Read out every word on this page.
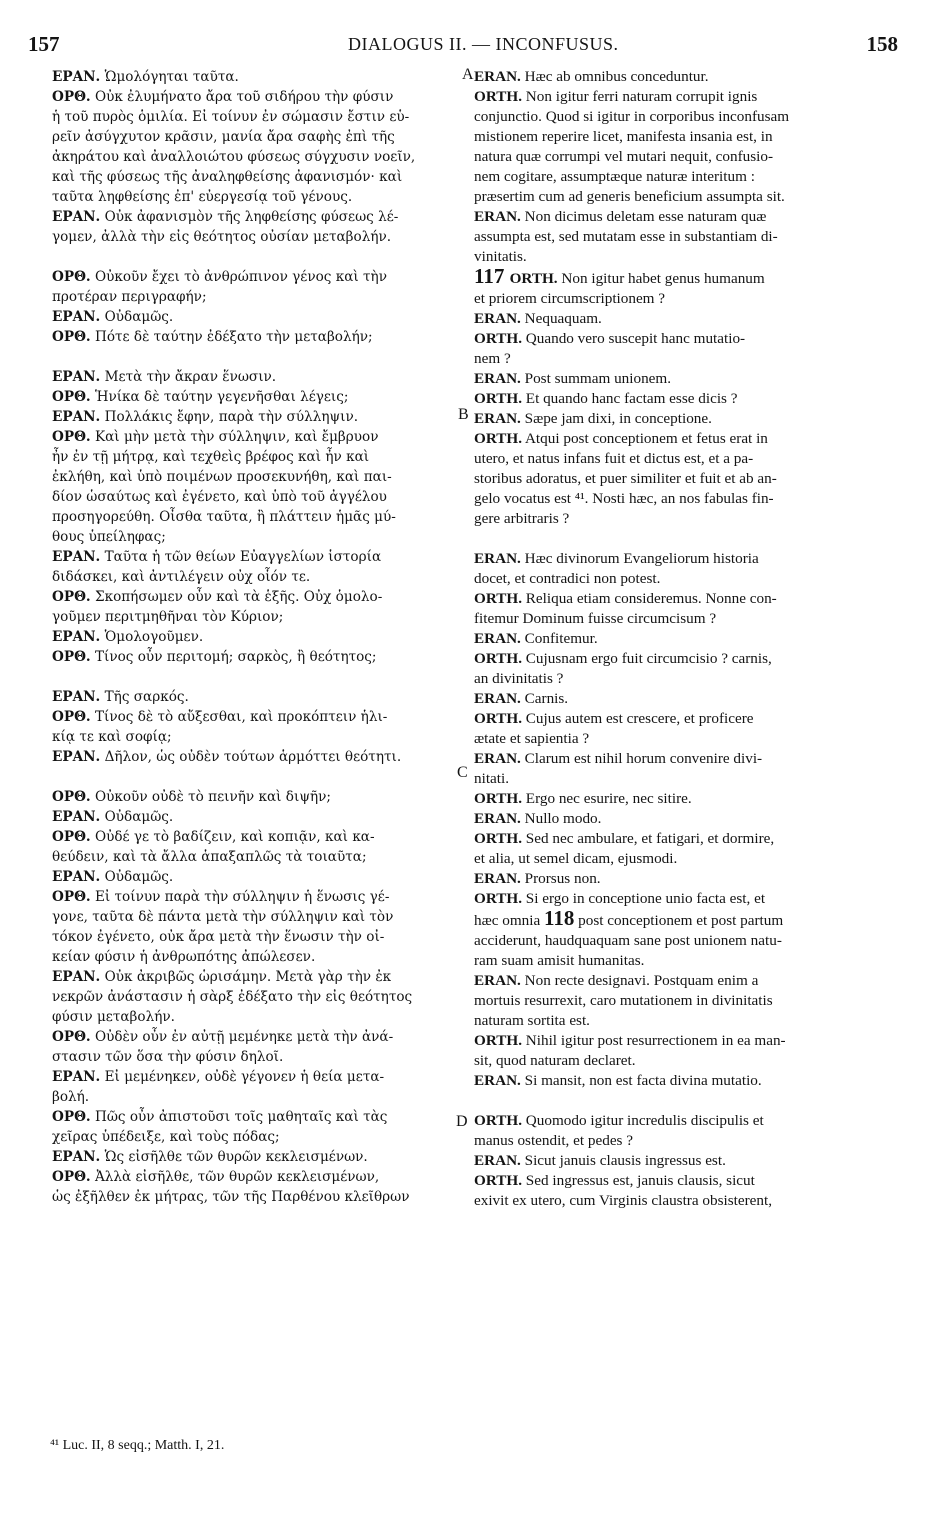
157	DIALOGUS II. — INCONFUSUS.	158
ΕΡΑΝ. Ὡμολόγηται ταῦτα.
ΟΡΘ. Οὐκ ἐλυμήνατο ἄρα τοῦ σιδήρου τὴν φύσιν
ἡ τοῦ πυρὸς ὁμιλία. Εἰ τοίνυν ἐν σώμασιν ἔστιν εὑ-
ρεῖν ἀσύγχυτον κρᾶσιν, μανία ἄρα σαφὴς ἐπὶ τῆς
ἀκηράτου καὶ ἀναλλοιώτου φύσεως σύγχυσιν νοεῖν,
καὶ τῆς φύσεως τῆς ἀναληφθείσης ἀφανισμόν· καὶ
ταῦτα ληφθείσης ἐπ' εὐεργεσίᾳ τοῦ γένους.
ΕΡΑΝ. Οὐκ ἀφανισμὸν τῆς ληφθείσης φύσεως λέ-
γομεν, ἀλλὰ τὴν εἰς θεότητος οὐσίαν μεταβολήν.
ΟΡΘ. Οὐκοῦν ἔχει τὸ ἀνθρώπινον γένος καὶ τὴν
προτέραν περιγραφήν;
ΕΡΑΝ. Οὐδαμῶς.
ΟΡΘ. Πότε δὲ ταύτην ἐδέξατο τὴν μεταβολήν;
ΕΡΑΝ. Μετὰ τὴν ἄκραν ἕνωσιν.
ΟΡΘ. Ἡνίκα δὲ ταύτην γεγενῆσθαι λέγεις;
ΕΡΑΝ. Πολλάκις ἔφην, παρὰ τὴν σύλληψιν.
ΟΡΘ. Καὶ μὴν μετὰ τὴν σύλληψιν, καὶ ἔμβρυον
ἦν ἐν τῇ μήτρᾳ, καὶ τεχθεὶς βρέφος καὶ ἦν καὶ
ἐκλήθη, καὶ ὑπὸ ποιμένων προσεκυνήθη, καὶ παι-
δίον ὡσαύτως καὶ ἐγένετο, καὶ ὑπὸ τοῦ ἀγγέλου
προσηγορεύθη. Οἶσθα ταῦτα, ἢ πλάττειν ἡμᾶς μύ-
θους ὑπείληφας;
ΕΡΑΝ. Ταῦτα ἡ τῶν θείων Εὐαγγελίων ἱστορία
διδάσκει, καὶ ἀντιλέγειν οὐχ οἷόν τε.
ΟΡΘ. Σκοπήσωμεν οὖν καὶ τὰ ἑξῆς. Οὐχ ὁμολο-
γοῦμεν περιτμηθῆναι τὸν Κύριον;
ΕΡΑΝ. Ὁμολογοῦμεν.
ΟΡΘ. Τίνος οὖν περιτομή; σαρκὸς, ἢ θεότητος;
ΕΡΑΝ. Τῆς σαρκός.
ΟΡΘ. Τίνος δὲ τὸ αὔξεσθαι, καὶ προκόπτειν ἡλι-
κίᾳ τε καὶ σοφίᾳ;
ΕΡΑΝ. Δῆλον, ὡς οὐδὲν τούτων ἁρμόττει θεότητι.
ΟΡΘ. Οὐκοῦν οὐδὲ τὸ πεινῆν καὶ διψῆν;
ΕΡΑΝ. Οὐδαμῶς.
ΟΡΘ. Οὐδέ γε τὸ βαδίζειν, καὶ κοπιᾷν, καὶ κα-
θεύδειν, καὶ τὰ ἄλλα ἁπαξαπλῶς τὰ τοιαῦτα;
ΕΡΑΝ. Οὐδαμῶς.
ΟΡΘ. Εἰ τοίνυν παρὰ τὴν σύλληψιν ἡ ἕνωσις γέ-
γονε, ταῦτα δὲ πάντα μετὰ τὴν σύλληψιν καὶ τὸν
τόκον ἐγένετο, οὐκ ἄρα μετὰ τὴν ἕνωσιν τὴν οἰ-
κείαν φύσιν ἡ ἀνθρωπότης ἀπώλεσεν.
ΕΡΑΝ. Οὐκ ἀκριβῶς ὡρισάμην. Μετὰ γὰρ τὴν ἐκ
νεκρῶν ἀνάστασιν ἡ σὰρξ ἐδέξατο τὴν εἰς θεότητος
φύσιν μεταβολήν.
ΟΡΘ. Οὐδὲν οὖν ἐν αὐτῇ μεμένηκε μετὰ τὴν ἀνά-
στασιν τῶν ὅσα τὴν φύσιν δηλοῖ.
ΕΡΑΝ. Εἰ μεμένηκεν, οὐδὲ γέγονεν ἡ θεία μετα-
βολή.
ΟΡΘ. Πῶς οὖν ἀπιστοῦσι τοῖς μαθηταῖς καὶ τὰς
χεῖρας ὑπέδειξε, καὶ τοὺς πόδας;
ΕΡΑΝ. Ὡς εἰσῆλθε τῶν θυρῶν κεκλεισμένων.
ΟΡΘ. Ἀλλὰ εἰσῆλθε, τῶν θυρῶν κεκλεισμένων,
ὡς ἐξῆλθεν ἐκ μήτρας, τῶν τῆς Παρθένου κλεῖθρων
ERAN. Hæc ab omnibus conceduntur.
ORTH. Non igitur ferri naturam corrupit ignis
conjunctio. Quod si igitur in corporibus inconfusam
mistionem reperire licet, manifesta insania est, in
natura quæ corrumpi vel mutari nequit, confusio-
nem cogitare, assumptæque naturæ interitum :
præsertim cum ad generis beneficium assumpta sit.
ERAN. Non dicimus deletam esse naturam quæ
assumpta est, sed mutatam esse in substantiam di-
vinitatis.
117 ORTH. Non igitur habet genus humanum
et priorem circumscriptionem ?
ERAN. Nequaquam.
ORTH. Quando vero suscepit hanc mutatio-
nem ?
ERAN. Post summam unionem.
ORTH. Et quando hanc factam esse dicis ?
ERAN. Sæpe jam dixi, in conceptione.
ORTH. Atqui post conceptionem et fetus erat in
utero, et natus infans fuit et dictus est, et a pa-
storibus adoratus, et puer similiter et fuit et ab an-
gelo vocatus est ⁴¹. Nosti hæc, an nos fabulas fin-
gere arbitraris ?
ERAN. Hæc divinorum Evangeliorum historia
docet, et contradici non potest.
ORTH. Reliqua etiam consideremus. Nonne con-
fitemur Dominum fuisse circumcisum ?
ERAN. Confitemur.
ORTH. Cujusnam ergo fuit circumcisio ? carnis,
an divinitatis ?
ERAN. Carnis.
ORTH. Cujus autem est crescere, et proficere
ætate et sapientia ?
ERAN. Clarum est nihil horum convenire divi-
nitati.
ORTH. Ergo nec esurire, nec sitire.
ERAN. Nullo modo.
ORTH. Sed nec ambulare, et fatigari, et dormire,
et alia, ut semel dicam, ejusmodi.
ERAN. Prorsus non.
ORTH. Si ergo in conceptione unio facta est, et
hæc omnia 118 post conceptionem et post partum
acciderunt, haudquaquam sane post unionem natu-
ram suam amisit humanitas.
ERAN. Non recte designavi. Postquam enim a
mortuis resurrexit, caro mutationem in divinitatis
naturam sortita est.
ORTH. Nihil igitur post resurrectionem in ea man-
sit, quod naturam declaret.
ERAN. Si mansit, non est facta divina mutatio.
ORTH. Quomodo igitur incredulis discipulis et
manus ostendit, et pedes ?
ERAN. Sicut januis clausis ingressus est.
ORTH. Sed ingressus est, januis clausis, sicut
exivit ex utero, cum Virginis claustra obsisterent,
A
B
C
D
⁴¹ Luc. II, 8 seqq.; Matth. I, 21.
